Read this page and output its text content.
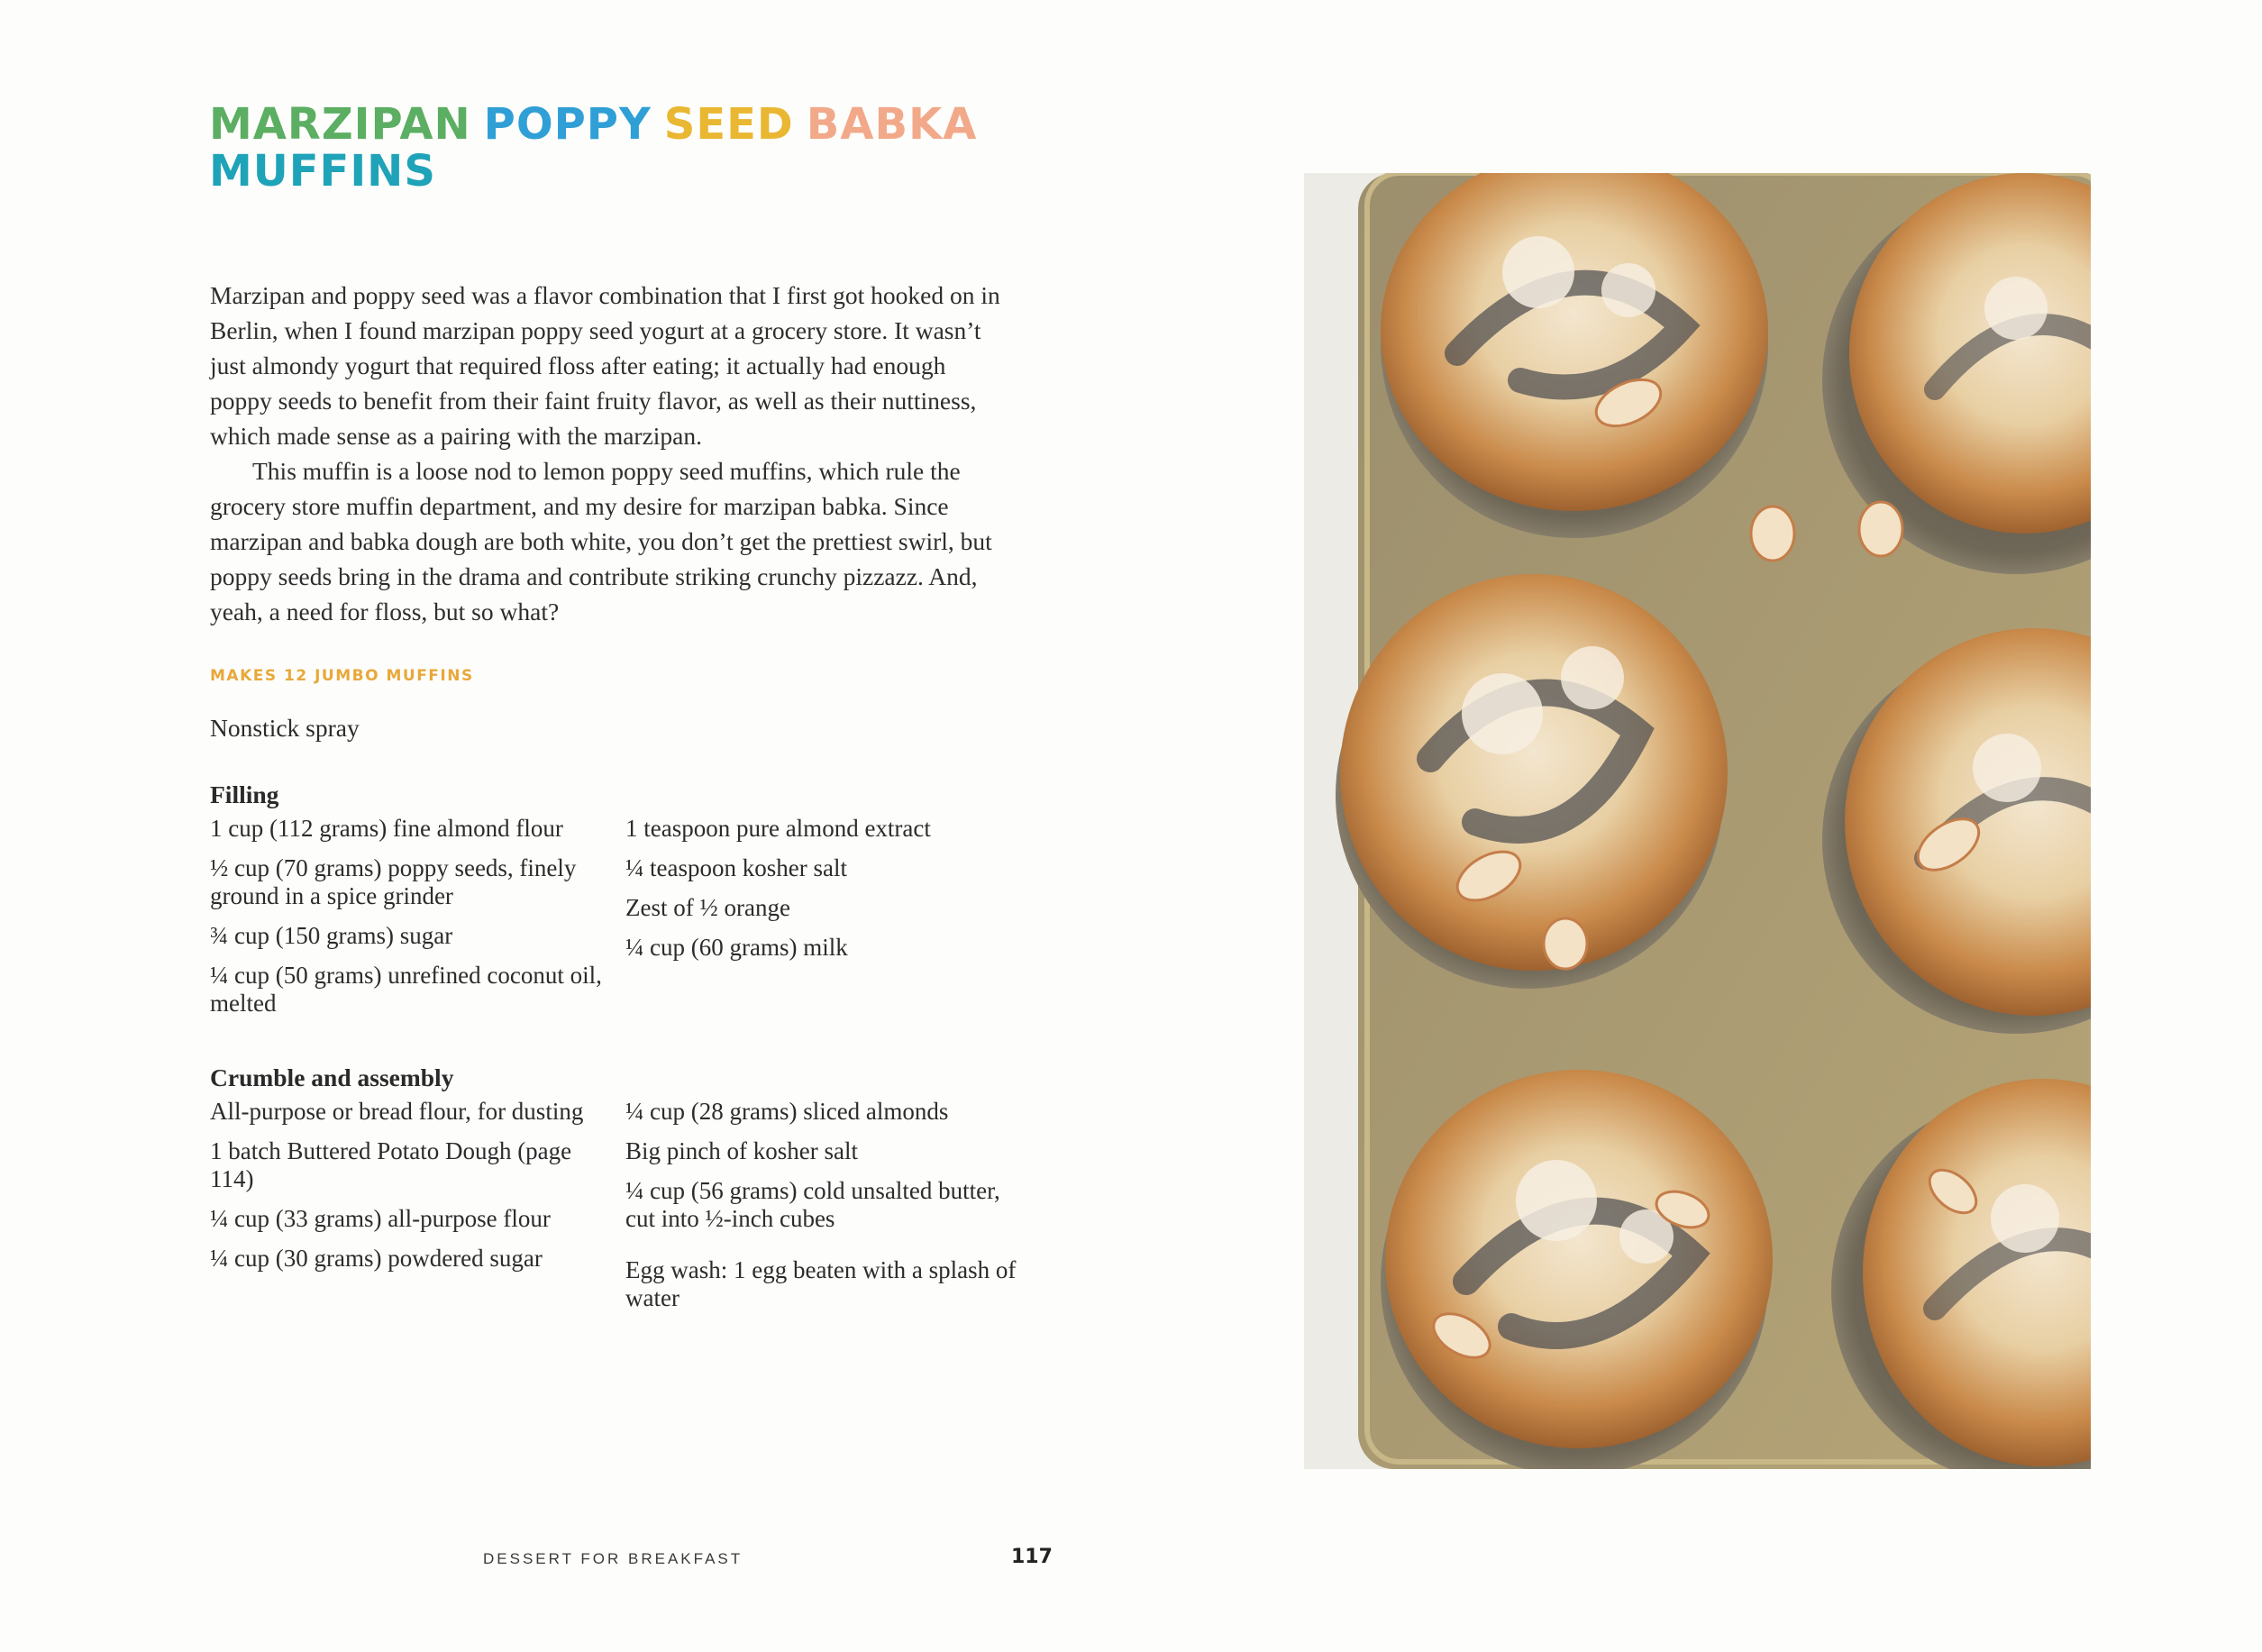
MARZIPAN POPPY SEED BABKA
MUFFINS

Marzipan and poppy seed was a flavor combination that I first got hooked on in Berlin, when I found marzipan poppy seed yogurt at a grocery store. It wasn’t just almondy yogurt that required floss after eating; it actually had enough poppy seeds to benefit from their faint fruity flavor, as well as their nuttiness, which made sense as a pairing with the marzipan.

This muffin is a loose nod to lemon poppy seed muffins, which rule the grocery store muffin department, and my desire for marzipan babka. Since marzipan and babka dough are both white, you don’t get the prettiest swirl, but poppy seeds bring in the drama and contribute striking crunchy pizzazz. And, yeah, a need for floss, but so what?

MAKES 12 JUMBO MUFFINS
Nonstick spray
Filling
1 cup (112 grams) fine almond flour
½ cup (70 grams) poppy seeds, finely ground in a spice grinder
¾ cup (150 grams) sugar
¼ cup (50 grams) unrefined coconut oil, melted
1 teaspoon pure almond extract
¼ teaspoon kosher salt
Zest of ½ orange
¼ cup (60 grams) milk
Crumble and assembly
All-purpose or bread flour, for dusting
1 batch Buttered Potato Dough (page 114)
¼ cup (33 grams) all-purpose flour
¼ cup (30 grams) powdered sugar
¼ cup (28 grams) sliced almonds
Big pinch of kosher salt
¼ cup (56 grams) cold unsalted butter, cut into ½-inch cubes
Egg wash: 1 egg beaten with a splash of water
DESSERT FOR BREAKFAST	117
